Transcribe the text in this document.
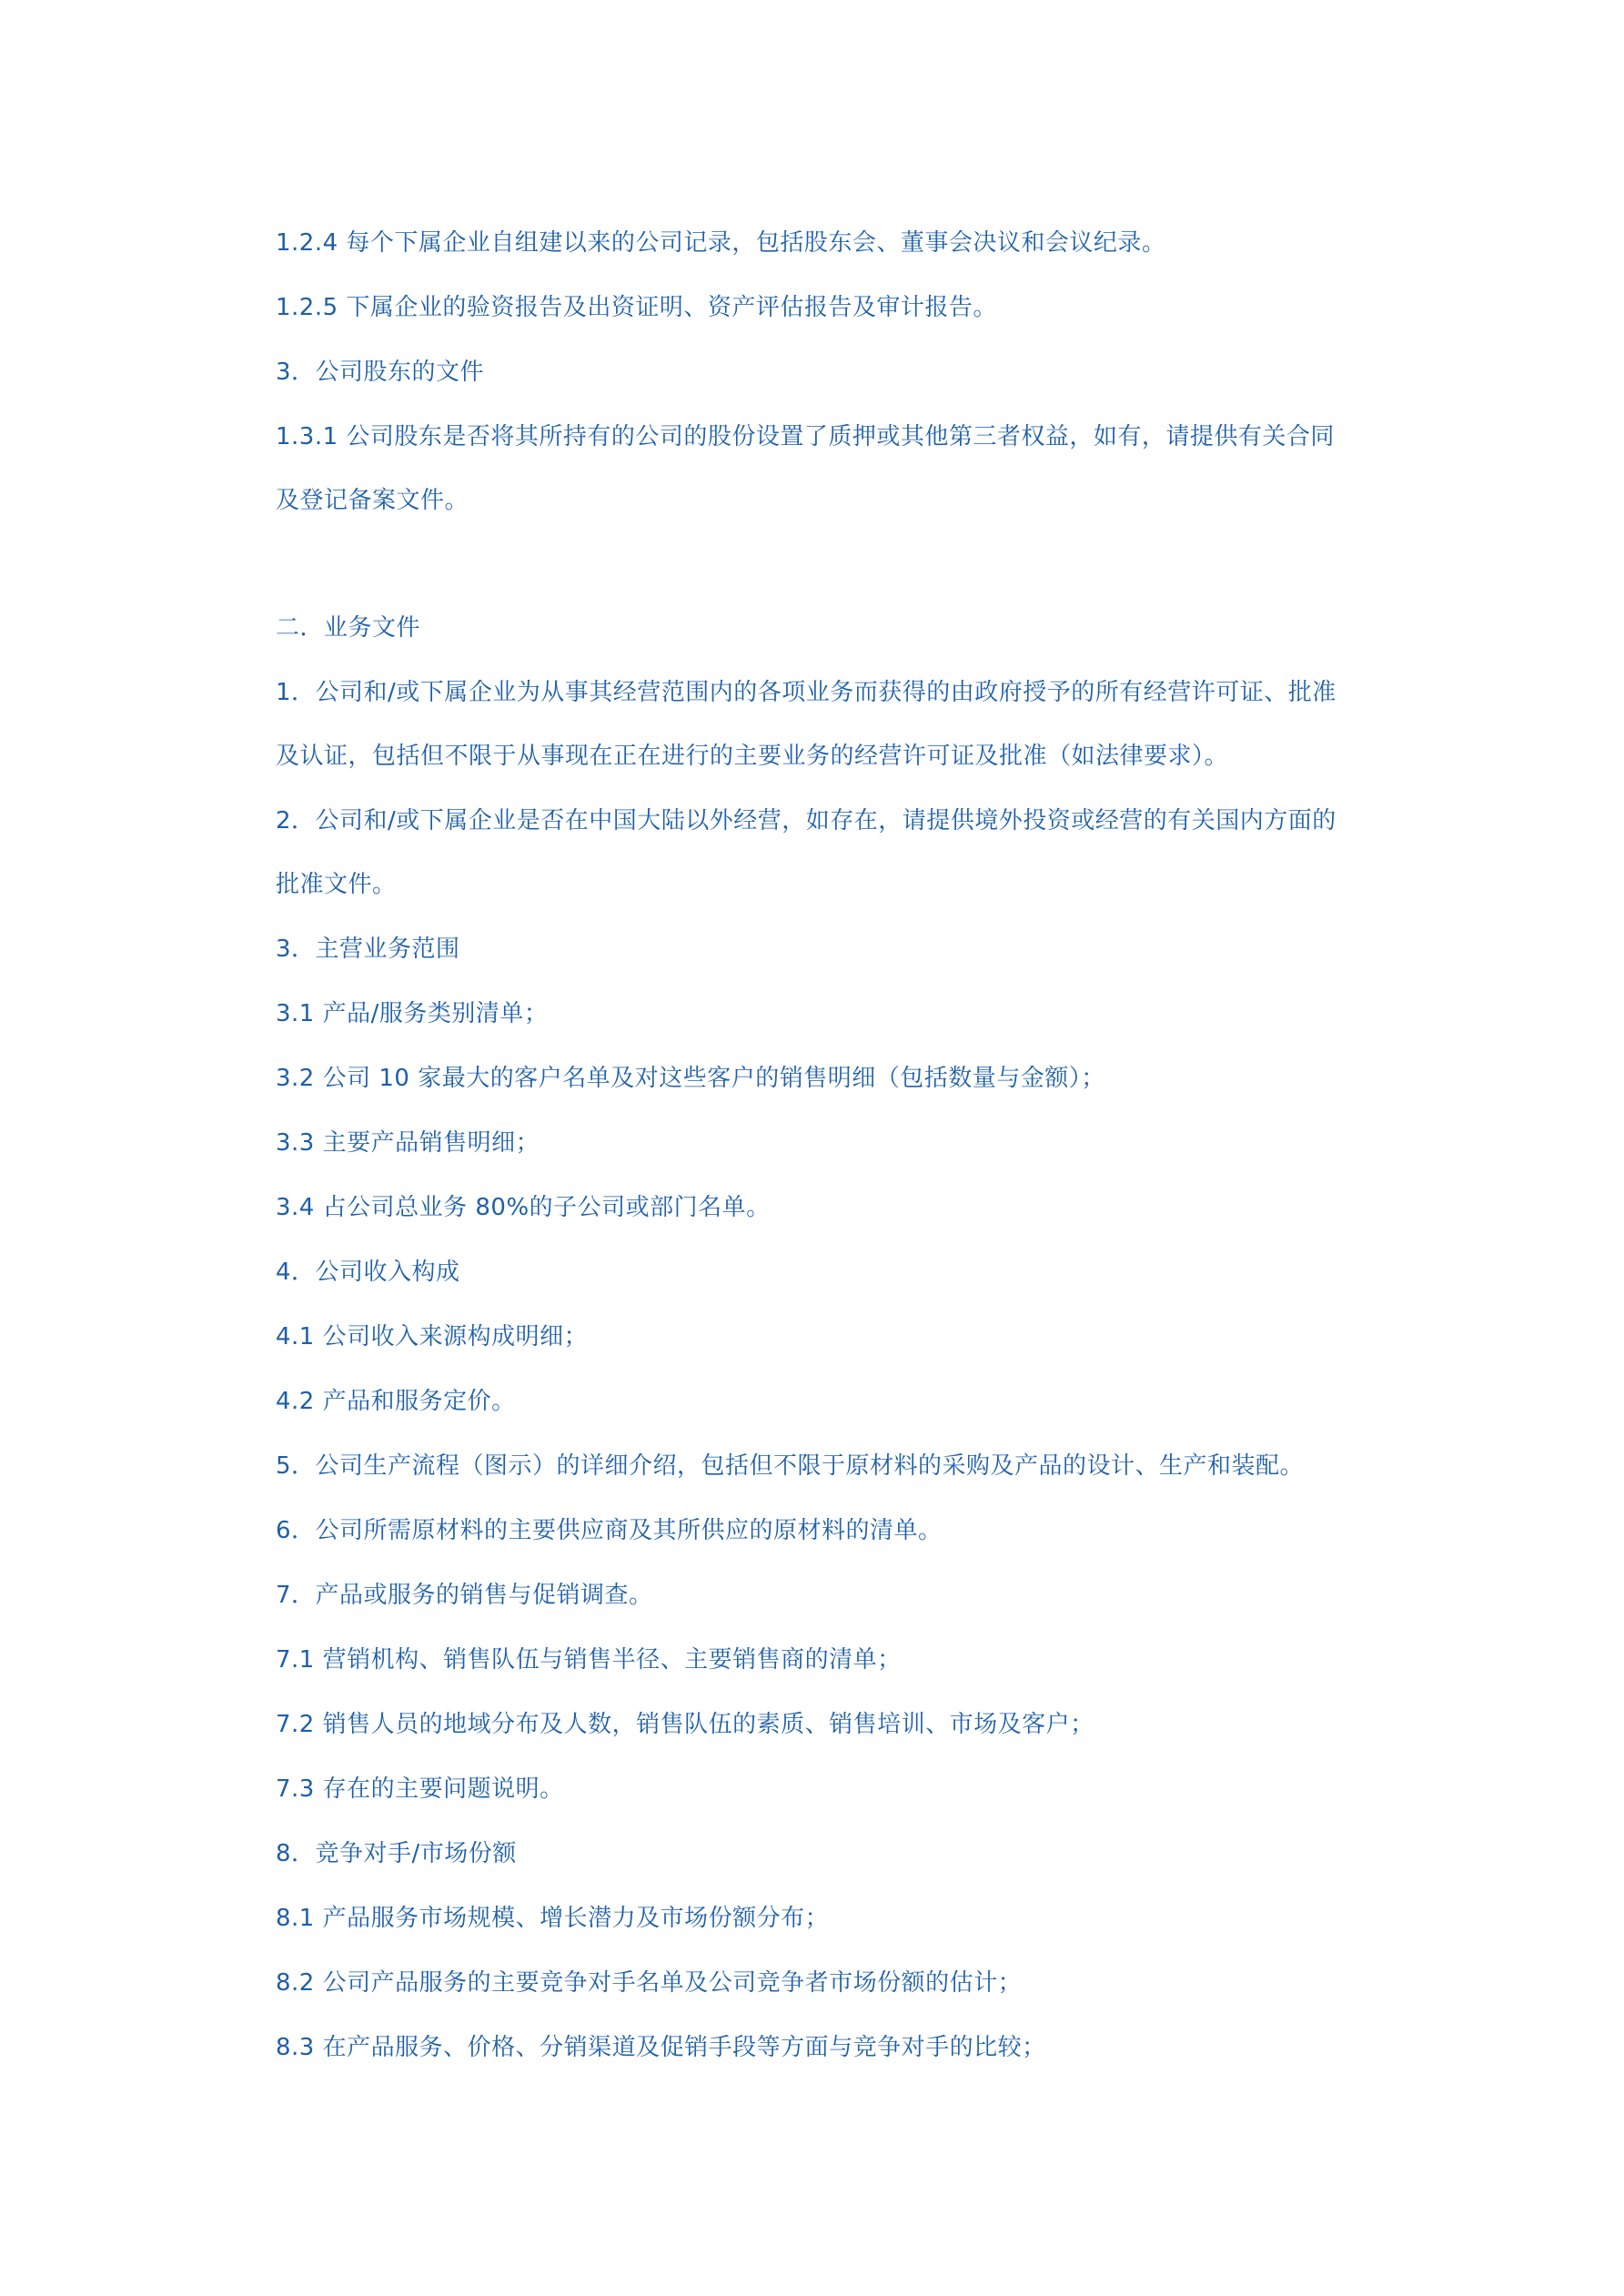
1.2.4 每个下属企业自组建以来的公司记录，包括股东会、董事会决议和会议纪录。
1.2.5 下属企业的验资报告及出资证明、资产评估报告及审计报告。
3．公司股东的文件
1.3.1 公司股东是否将其所持有的公司的股份设置了质押或其他第三者权益，如有，请提供有关合同
及登记备案文件。
二．业务文件
1．公司和/或下属企业为从事其经营范围内的各项业务而获得的由政府授予的所有经营许可证、批准
及认证，包括但不限于从事现在正在进行的主要业务的经营许可证及批准（如法律要求）。
2．公司和/或下属企业是否在中国大陆以外经营，如存在，请提供境外投资或经营的有关国内方面的
批准文件。
3．主营业务范围
3.1 产品/服务类别清单；
3.2 公司 10 家最大的客户名单及对这些客户的销售明细（包括数量与金额）；
3.3 主要产品销售明细；
3.4 占公司总业务 80%的子公司或部门名单。
4．公司收入构成
4.1 公司收入来源构成明细；
4.2 产品和服务定价。
5．公司生产流程（图示）的详细介绍，包括但不限于原材料的采购及产品的设计、生产和装配。
6．公司所需原材料的主要供应商及其所供应的原材料的清单。
7．产品或服务的销售与促销调查。
7.1 营销机构、销售队伍与销售半径、主要销售商的清单；
7.2 销售人员的地域分布及人数，销售队伍的素质、销售培训、市场及客户；
7.3 存在的主要问题说明。
8．竞争对手/市场份额
8.1 产品服务市场规模、增长潜力及市场份额分布；
8.2 公司产品服务的主要竞争对手名单及公司竞争者市场份额的估计；
8.3 在产品服务、价格、分销渠道及促销手段等方面与竞争对手的比较；
